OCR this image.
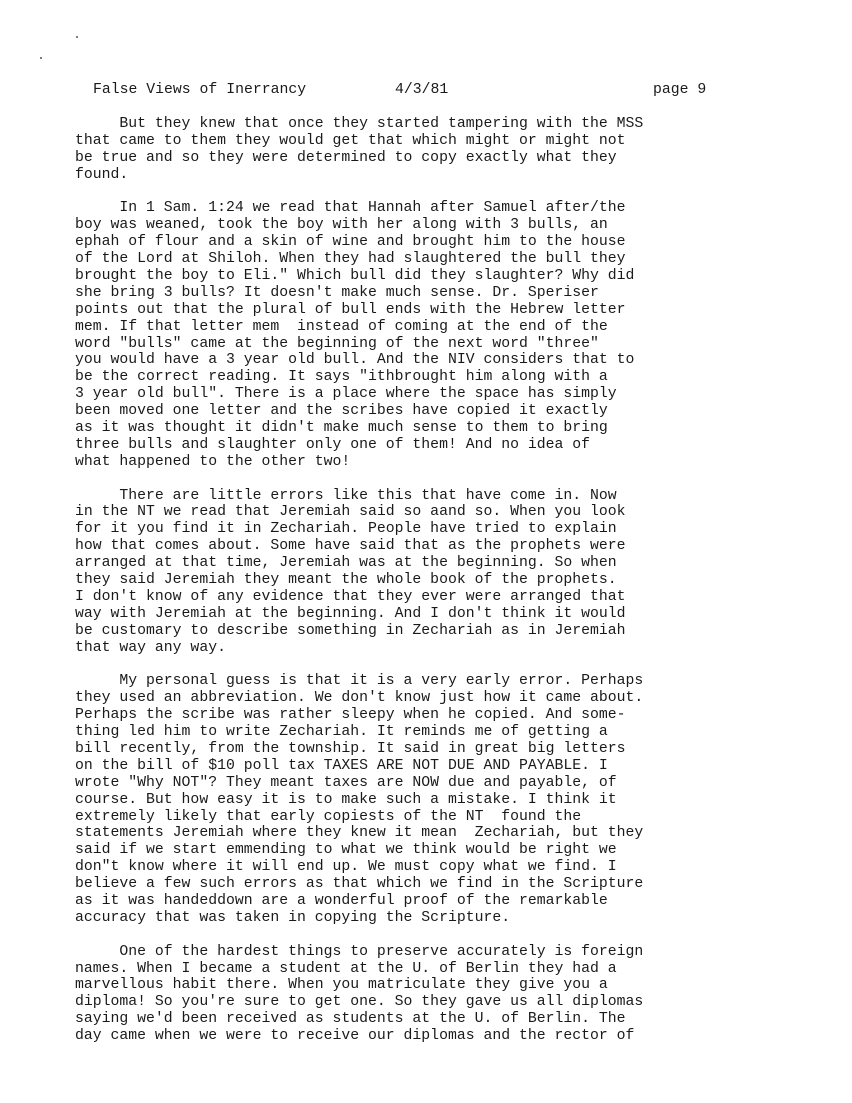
False Views of Inerrancy	4/3/81	page 9
But they knew that once they started tampering with the MSS
that came to them they would get that which might or might not
be true and so they were determined to copy exactly what they
found.
In 1 Sam. 1:24 we read that Hannah after Samuel after/the
boy was weaned, took the boy with her along with 3 bulls, an
ephah of flour and a skin of wine and brought him to the house
of the Lord at Shiloh. When they had slaughtered the bull they
brought the boy to Eli." Which bull did they slaughter? Why did
she bring 3 bulls? It doesn't make much sense. Dr. Speriser
points out that the plural of bull ends with the Hebrew letter
mem. If that letter mem  instead of coming at the end of the
word "bulls" came at the beginning of the next word "three"
you would have a 3 year old bull. And the NIV considers that to
be the correct reading. It says "ithbrought him along with a
3 year old bull". There is a place where the space has simply
been moved one letter and the scribes have copied it exactly
as it was thought it didn't make much sense to them to bring
three bulls and slaughter only one of them! And no idea of
what happened to the other two!
There are little errors like this that have come in. Now
in the NT we read that Jeremiah said so aand so. When you look
for it you find it in Zechariah. People have tried to explain
how that comes about. Some have said that as the prophets were
arranged at that time, Jeremiah was at the beginning. So when
they said Jeremiah they meant the whole book of the prophets.
I don't know of any evidence that they ever were arranged that
way with Jeremiah at the beginning. And I don't think it would
be customary to describe something in Zechariah as in Jeremiah
that way any way.
My personal guess is that it is a very early error. Perhaps
they used an abbreviation. We don't know just how it came about.
Perhaps the scribe was rather sleepy when he copied. And some-
thing led him to write Zechariah. It reminds me of getting a
bill recently, from the township. It said in great big letters
on the bill of $10 poll tax TAXES ARE NOT DUE AND PAYABLE. I
wrote "Why NOT"? They meant taxes are NOW due and payable, of
course. But how easy it is to make such a mistake. I think it
extremely likely that early copiests of the NT  found the
statements Jeremiah where they knew it mean  Zechariah, but they
said if we start emmending to what we think would be right we
don"t know where it will end up. We must copy what we find. I
believe a few such errors as that which we find in the Scripture
as it was handeddown are a wonderful proof of the remarkable
accuracy that was taken in copying the Scripture.
One of the hardest things to preserve accurately is foreign
names. When I became a student at the U. of Berlin they had a
marvellous habit there. When you matriculate they give you a
diploma! So you're sure to get one. So they gave us all diplomas
saying we'd been received as students at the U. of Berlin. The
day came when we were to receive our diplomas and the rector of
